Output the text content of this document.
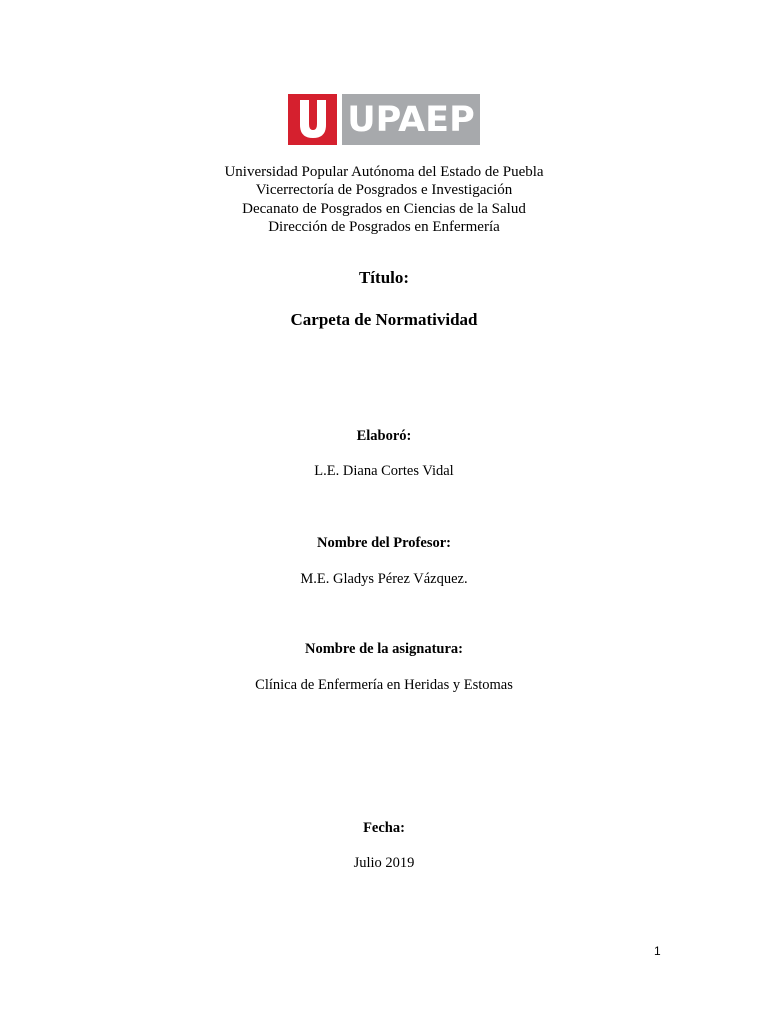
UPAEP
Universidad Popular Autónoma del Estado de Puebla
Vicerrectoría de Posgrados e Investigación
Decanato de Posgrados en Ciencias de la Salud
Dirección de Posgrados en Enfermería
Título:
Carpeta de Normatividad
Elaboró:
L.E. Diana Cortes Vidal
Nombre del Profesor:
M.E. Gladys Pérez Vázquez.
Nombre de la asignatura:
Clínica de Enfermería en Heridas y Estomas
Fecha:
Julio 2019
1
